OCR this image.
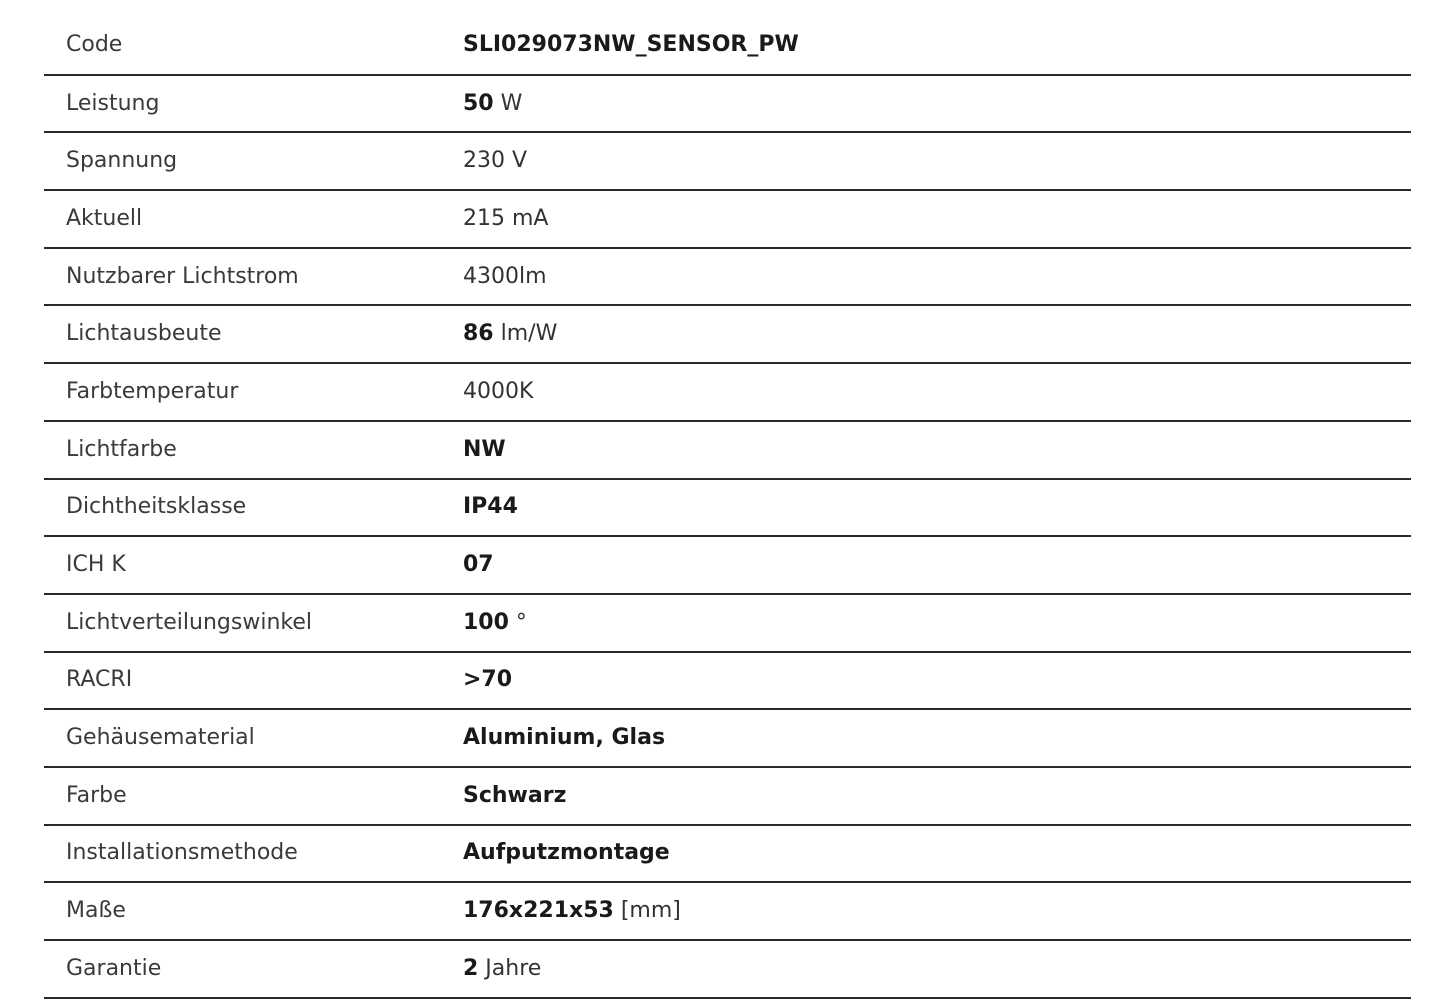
Code	SLI029073NW_SENSOR_PW
Leistung	50 W
Spannung	230 V
Aktuell	215 mA
Nutzbarer Lichtstrom	4300lm
Lichtausbeute	86 lm/W
Farbtemperatur	4000K
Lichtfarbe	NW
Dichtheitsklasse	IP44
ICH K	07
Lichtverteilungswinkel	100 °
RACRI	>70
Gehäusematerial	Aluminium, Glas
Farbe	Schwarz
Installationsmethode	Aufputzmontage
Maße	176x221x53 [mm]
Garantie	2 Jahre
